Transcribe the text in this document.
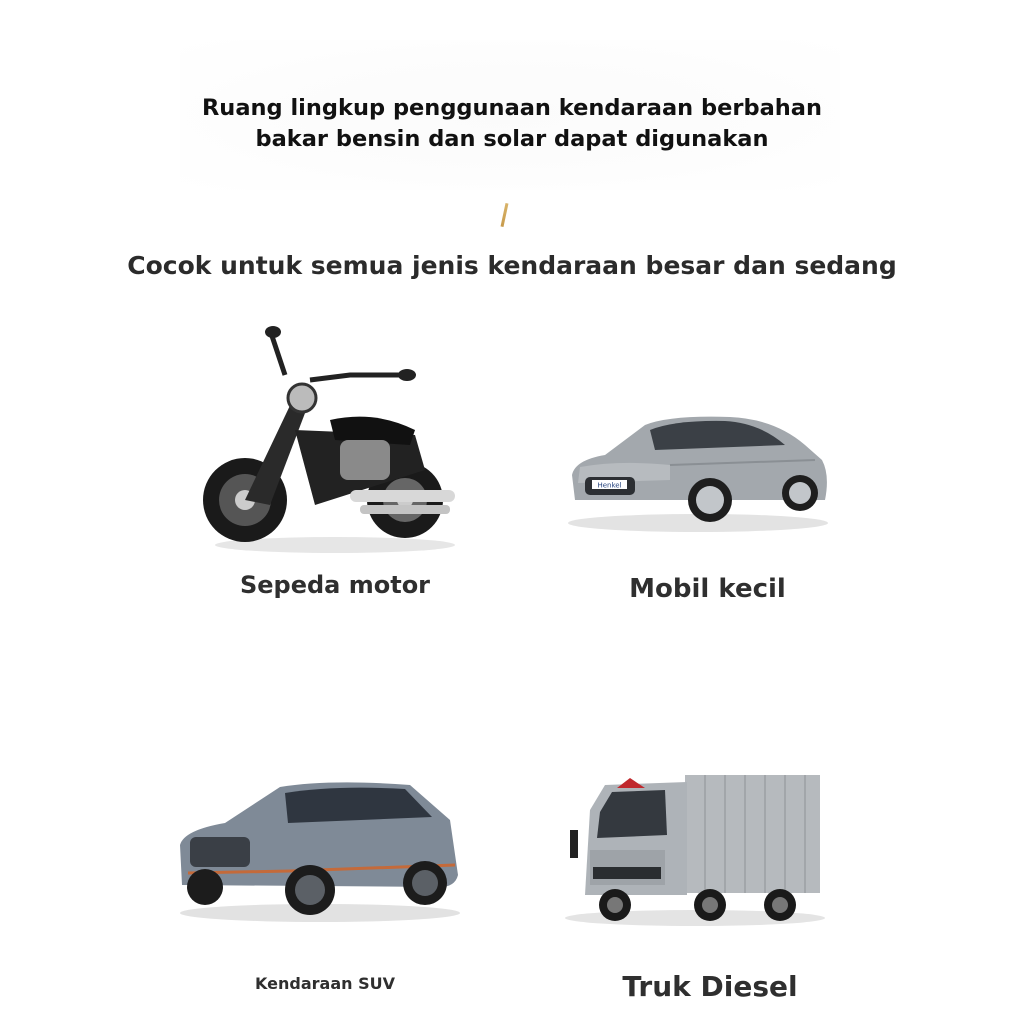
Ruang lingkup penggunaan kendaraan berbahan
bakar bensin dan solar dapat digunakan
Cocok untuk semua jenis kendaraan besar dan sedang
Sepeda motor
Henkel
Mobil kecil
Kendaraan SUV	Truk Diesel
